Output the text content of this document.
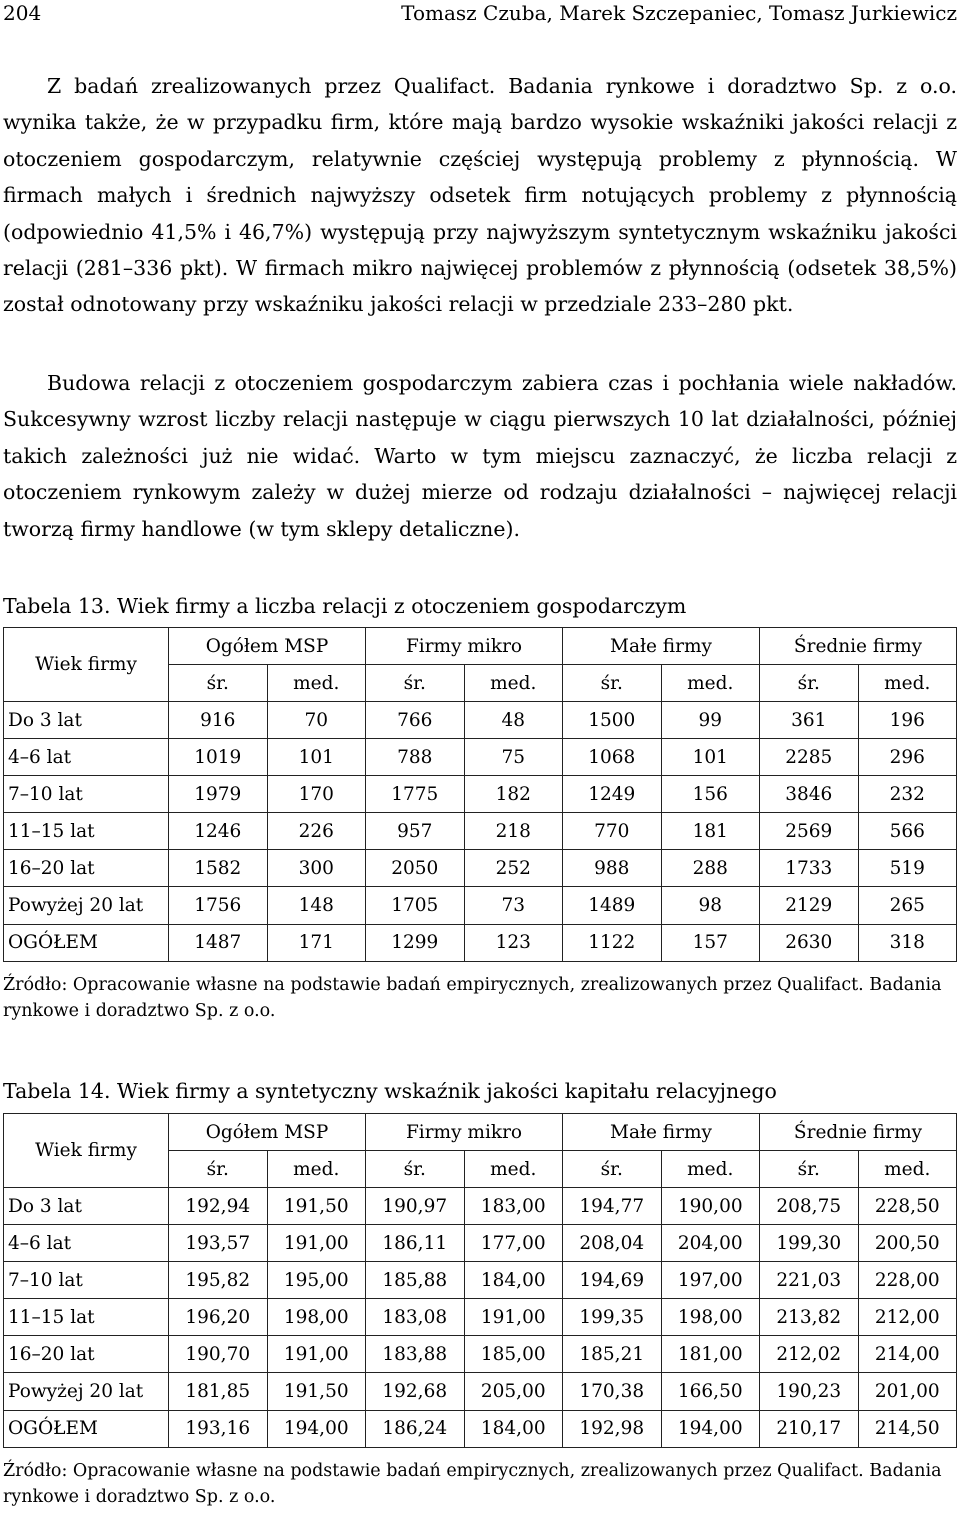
204	Tomasz Czuba, Marek Szczepaniec, Tomasz Jurkiewicz

Z badań zrealizowanych przez Qualifact. Badania rynkowe i doradztwo Sp. z o.o. wynika także, że w przypadku firm, które mają bardzo wysokie wskaźniki jakości relacji z otoczeniem gospodarczym, relatywnie częściej występują problemy z płynnością. W firmach małych i średnich najwyższy odsetek firm notujących problemy z płynnością (odpowiednio 41,5% i 46,7%) występują przy najwyższym syntetycznym wskaźniku jakości relacji (281–336 pkt). W firmach mikro najwięcej problemów z płynnością (odsetek 38,5%) został odnotowany przy wskaźniku jakości relacji w przedziale 233–280 pkt.

Budowa relacji z otoczeniem gospodarczym zabiera czas i pochłania wiele nakładów. Sukcesywny wzrost liczby relacji następuje w ciągu pierwszych 10 lat działalności, później takich zależności już nie widać. Warto w tym miejscu zaznaczyć, że liczba relacji z otoczeniem rynkowym zależy w dużej mierze od rodzaju działalności – najwięcej relacji tworzą firmy handlowe (w tym sklepy detaliczne).

Tabela 13. Wiek firmy a liczba relacji z otoczeniem gospodarczym
Wiek firmy	Ogółem MSP		Firmy mikro		Małe firmy		Średnie firmy	
	śr.	med.	śr.	med.	śr.	med.	śr.	med.
Do 3 lat	916	70	766	48	1500	99	361	196
4–6 lat	1019	101	788	75	1068	101	2285	296
7–10 lat	1979	170	1775	182	1249	156	3846	232
11–15 lat	1246	226	957	218	770	181	2569	566
16–20 lat	1582	300	2050	252	988	288	1733	519
Powyżej 20 lat	1756	148	1705	73	1489	98	2129	265
OGÓŁEM	1487	171	1299	123	1122	157	2630	318
Źródło: Opracowanie własne na podstawie badań empirycznych, zrealizowanych przez Qualifact. Badania rynkowe i doradztwo Sp. z o.o.
Tabela 14. Wiek firmy a syntetyczny wskaźnik jakości kapitału relacyjnego
Wiek firmy	Ogółem MSP		Firmy mikro		Małe firmy		Średnie firmy	
	śr.	med.	śr.	med.	śr.	med.	śr.	med.
Do 3 lat	192,94	191,50	190,97	183,00	194,77	190,00	208,75	228,50
4–6 lat	193,57	191,00	186,11	177,00	208,04	204,00	199,30	200,50
7–10 lat	195,82	195,00	185,88	184,00	194,69	197,00	221,03	228,00
11–15 lat	196,20	198,00	183,08	191,00	199,35	198,00	213,82	212,00
16–20 lat	190,70	191,00	183,88	185,00	185,21	181,00	212,02	214,00
Powyżej 20 lat	181,85	191,50	192,68	205,00	170,38	166,50	190,23	201,00
OGÓŁEM	193,16	194,00	186,24	184,00	192,98	194,00	210,17	214,50
Źródło: Opracowanie własne na podstawie badań empirycznych, zrealizowanych przez Qualifact. Badania rynkowe i doradztwo Sp. z o.o.
